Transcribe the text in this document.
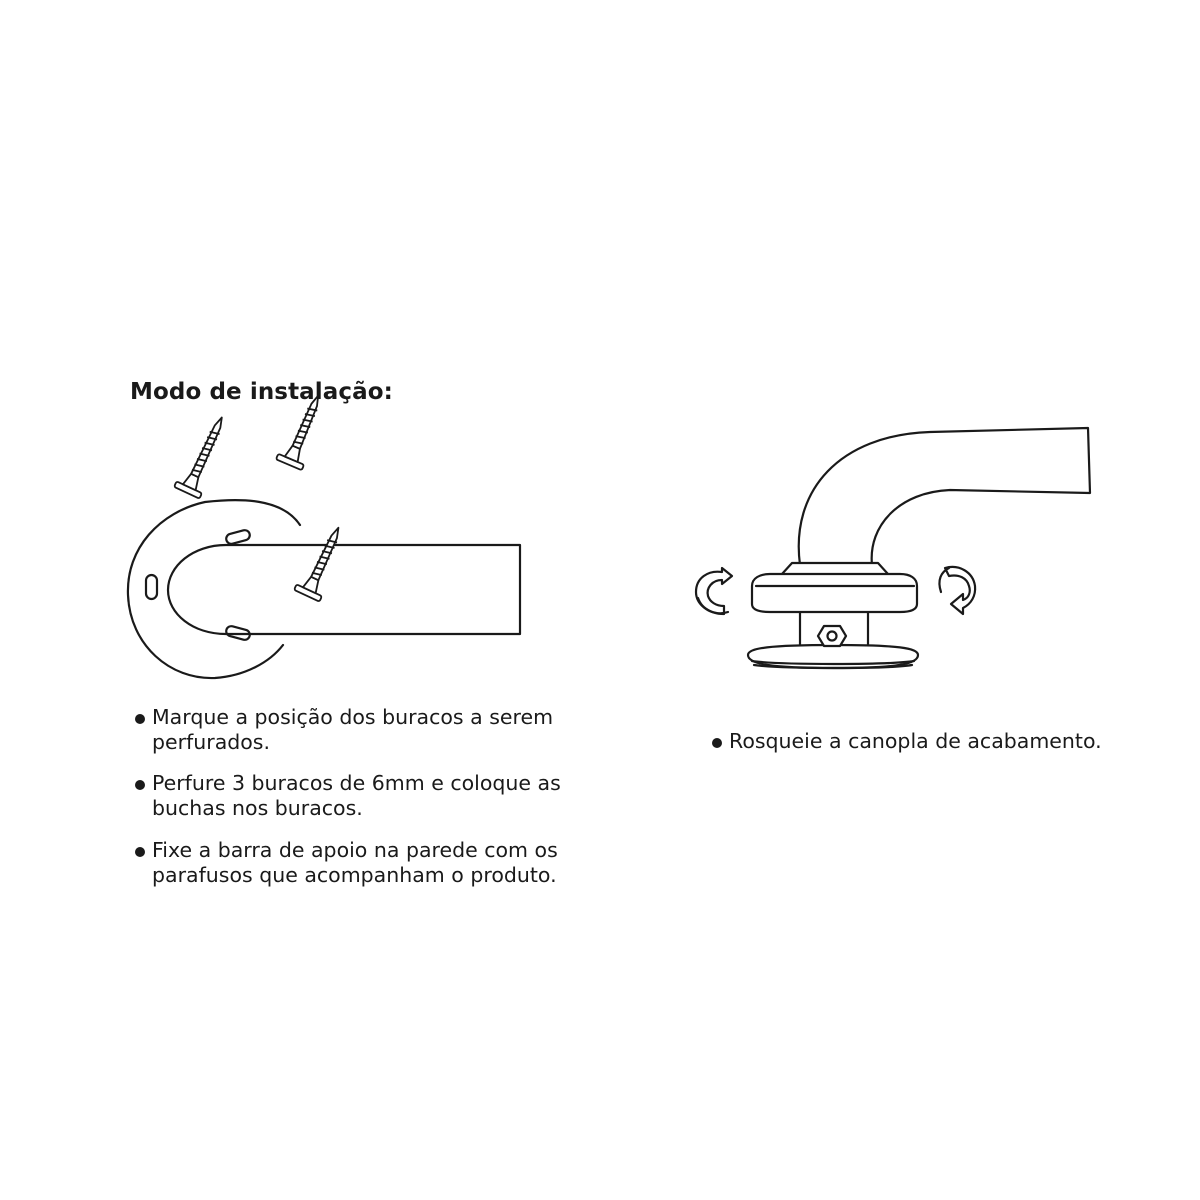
Modo de instalação:
Marque a posição dos buracos a serem perfurados.
Perfure 3 buracos de 6mm e coloque as buchas nos buracos.
Fixe a barra de apoio na parede com os parafusos que acompanham o produto.
Rosqueie a canopla de acabamento.
